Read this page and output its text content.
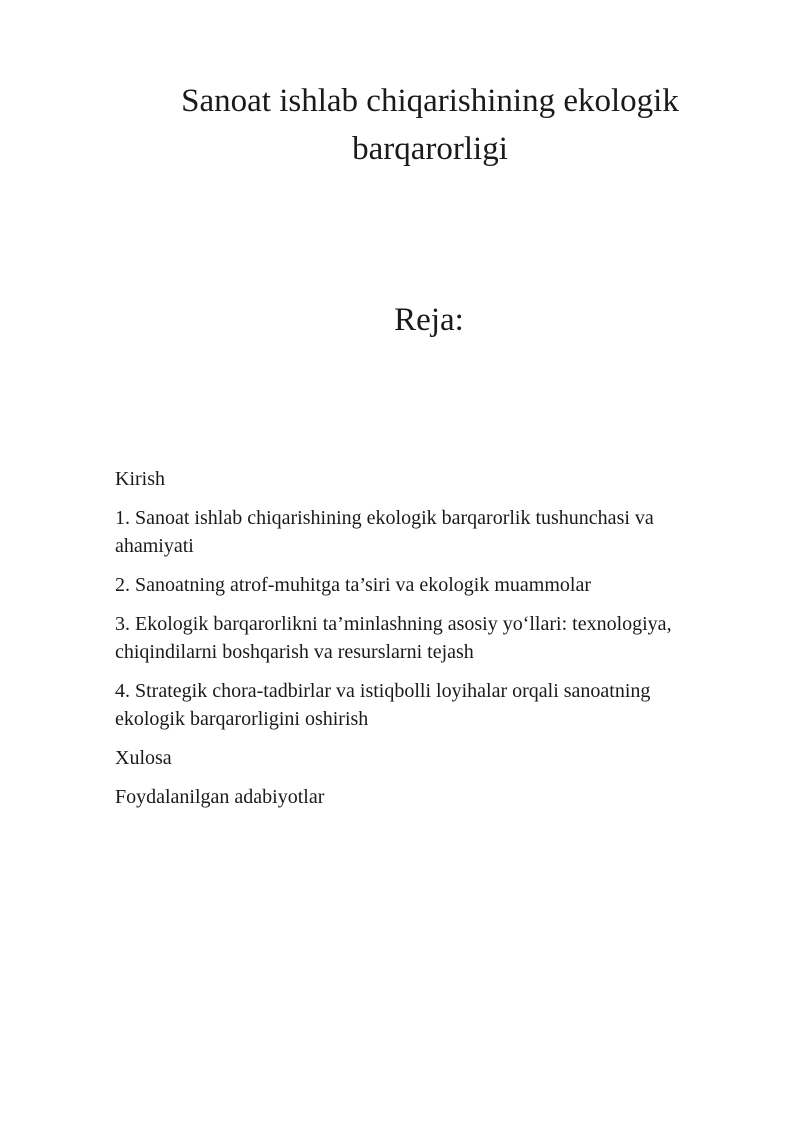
Sanoat ishlab chiqarishining ekologik barqarorligi
Reja:
Kirish
1. Sanoat ishlab chiqarishining ekologik barqarorlik tushunchasi va ahamiyati
2. Sanoatning atrof-muhitga ta’siri va ekologik muammolar
3. Ekologik barqarorlikni ta’minlashning asosiy yo‘llari: texnologiya, chiqindilarni boshqarish va resurslarni tejash
4. Strategik chora-tadbirlar va istiqbolli loyihalar orqali sanoatning ekologik barqarorligini oshirish
Xulosa
Foydalanilgan adabiyotlar
